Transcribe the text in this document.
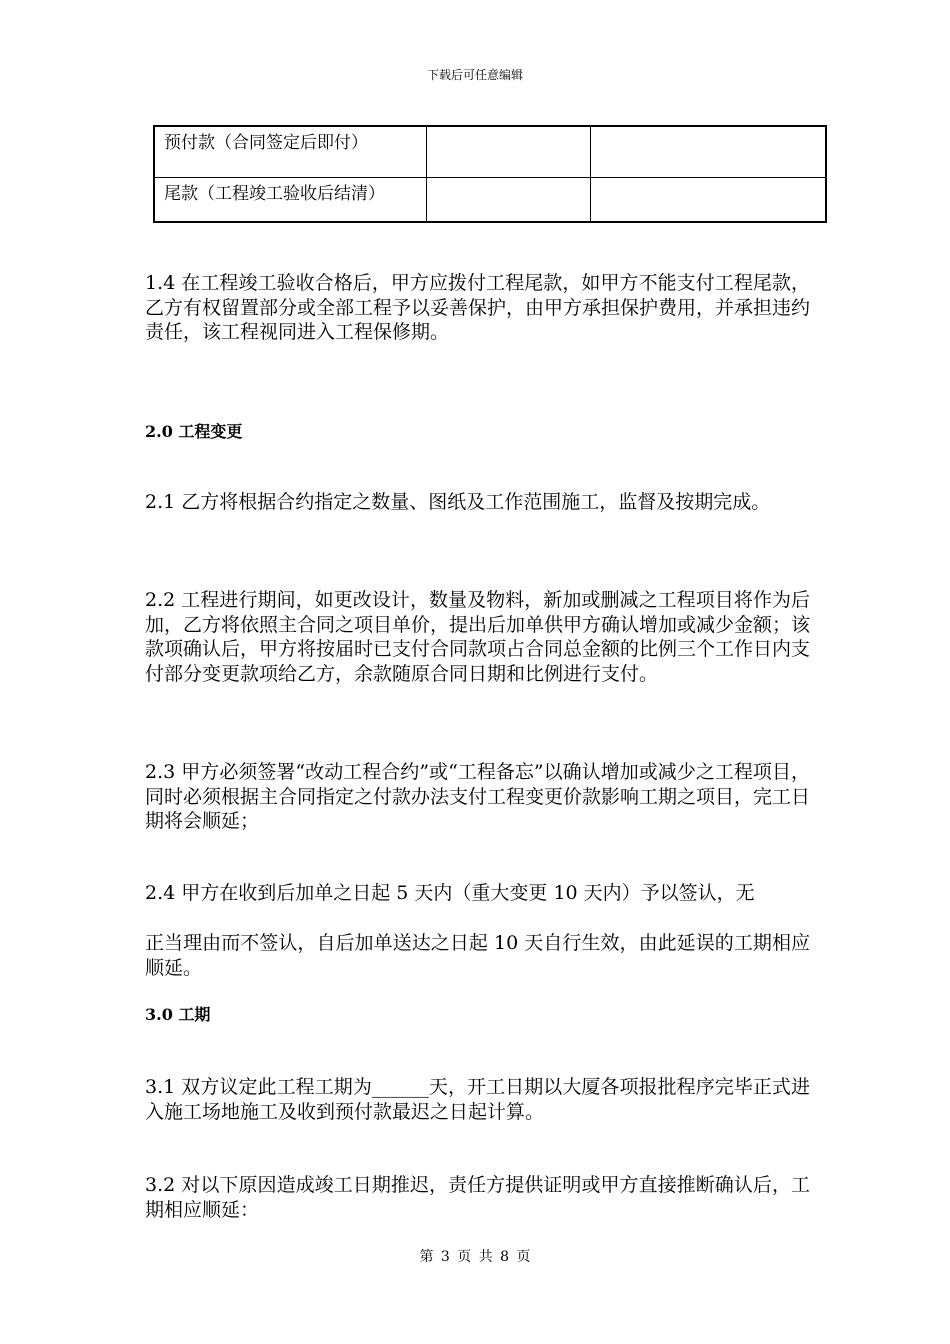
下载后可任意编辑
预付款（合同签定后即付）		
尾款（工程竣工验收后结清）		

1.4 在工程竣工验收合格后，甲方应拨付工程尾款，如甲方不能支付工程尾款，乙方有权留置部分或全部工程予以妥善保护，由甲方承担保护费用，并承担违约责任，该工程视同进入工程保修期。

2.0 工程变更

2.1 乙方将根据合约指定之数量、图纸及工作范围施工，监督及按期完成。

2.2 工程进行期间，如更改设计，数量及物料，新加或删减之工程项目将作为后加，乙方将依照主合同之项目单价，提出后加单供甲方确认增加或减少金额；该款项确认后，甲方将按届时已支付合同款项占合同总金额的比例三个工作日内支付部分变更款项给乙方，余款随原合同日期和比例进行支付。

2.3 甲方必须签署“改动工程合约”或“工程备忘”以确认增加或减少之工程项目，同时必须根据主合同指定之付款办法支付工程变更价款影响工期之项目，完工日期将会顺延；

2.4 甲方在收到后加单之日起 5 天内（重大变更 10 天内）予以签认，无

正当理由而不签认，自后加单送达之日起 10 天自行生效，由此延误的工期相应顺延。

3.0 工期

3.1 双方议定此工程工期为______天，开工日期以大厦各项报批程序完毕正式进入施工场地施工及收到预付款最迟之日起计算。

3.2 对以下原因造成竣工日期推迟，责任方提供证明或甲方直接推断确认后，工期相应顺延：

第 3 页 共 8 页
